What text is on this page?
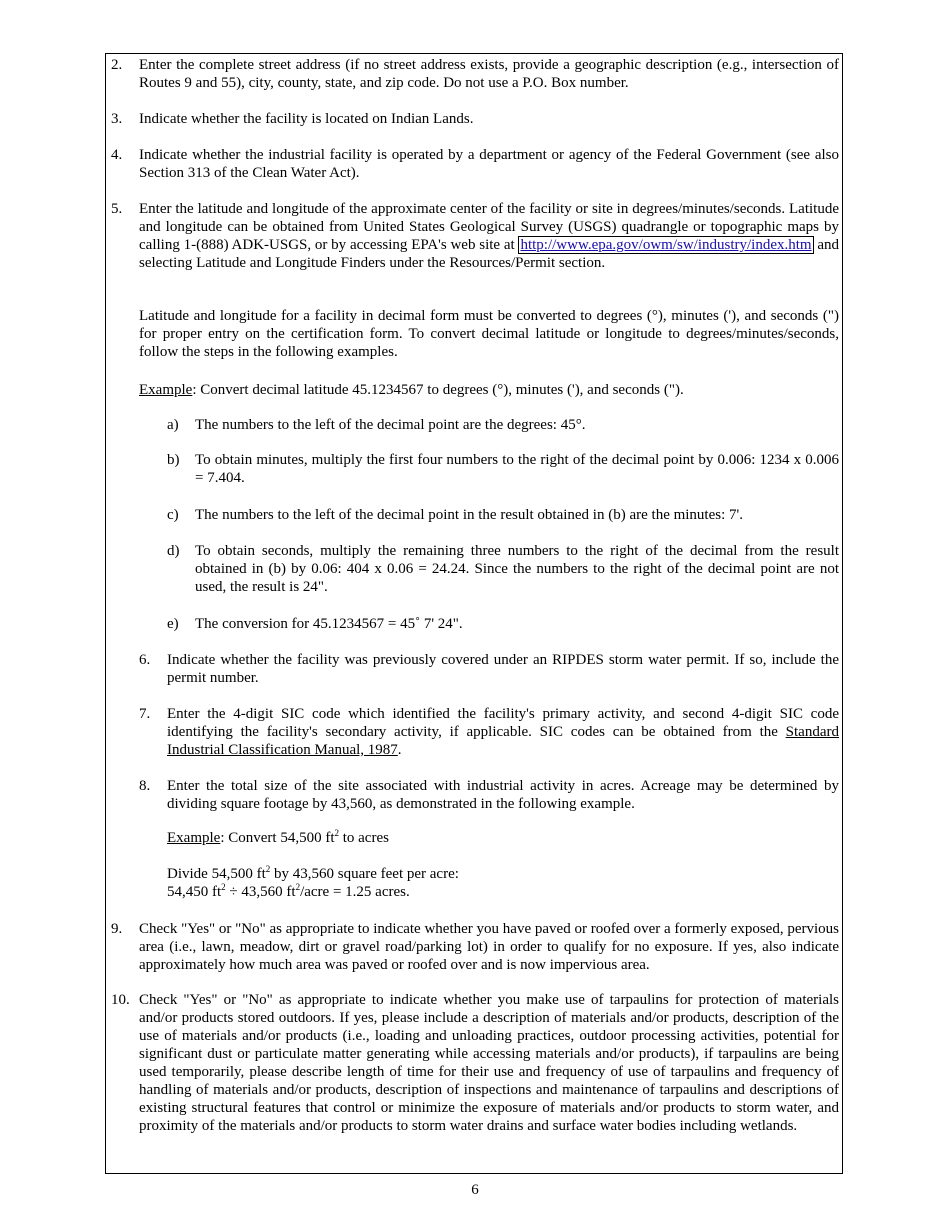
2.	Enter the complete street address (if no street address exists, provide a geographic description (e.g., intersection of Routes 9 and 55), city, county, state, and zip code. Do not use a P.O. Box number.
3.	Indicate whether the facility is located on Indian Lands.
4.	Indicate whether the industrial facility is operated by a department or agency of the Federal Government (see also Section 313 of the Clean Water Act).
5.	Enter the latitude and longitude of the approximate center of the facility or site in degrees/minutes/seconds. Latitude and longitude can be obtained from United States Geological Survey (USGS) quadrangle or topographic maps by calling 1-(888) ADK-USGS, or by accessing EPA's web site at http://www.epa.gov/owm/sw/industry/index.htm and selecting Latitude and Longitude Finders under the Resources/Permit section.
Latitude and longitude for a facility in decimal form must be converted to degrees (°), minutes ('), and seconds (") for proper entry on the certification form. To convert decimal latitude or longitude to degrees/minutes/seconds, follow the steps in the following examples.
Example: Convert decimal latitude 45.1234567 to degrees (°), minutes ('), and seconds (").
a)	The numbers to the left of the decimal point are the degrees: 45°.
b)	To obtain minutes, multiply the first four numbers to the right of the decimal point by 0.006: 1234 x 0.006 = 7.404.
c)	The numbers to the left of the decimal point in the result obtained in (b) are the minutes: 7'.
d)	To obtain seconds, multiply the remaining three numbers to the right of the decimal from the result obtained in (b) by 0.06: 404 x 0.06 = 24.24. Since the numbers to the right of the decimal point are not used, the result is 24".
e)	The conversion for 45.1234567 = 45˚ 7' 24".
6.	Indicate whether the facility was previously covered under an RIPDES storm water permit. If so, include the permit number.
7.	Enter the 4-digit SIC code which identified the facility's primary activity, and second 4-digit SIC code identifying the facility's secondary activity, if applicable. SIC codes can be obtained from the Standard Industrial Classification Manual, 1987.
8.	Enter the total size of the site associated with industrial activity in acres. Acreage may be determined by dividing square footage by 43,560, as demonstrated in the following example.
Example: Convert 54,500 $ft^2$ to acres
Divide 54,500 $ft^2$ by 43,560 square feet per acre:
54,450 $ft^2 \div 43,560$ $ft^2$/acre = 1.25 acres.
9.	Check "Yes" or "No" as appropriate to indicate whether you have paved or roofed over a formerly exposed, pervious area (i.e., lawn, meadow, dirt or gravel road/parking lot) in order to qualify for no exposure. If yes, also indicate approximately how much area was paved or roofed over and is now impervious area.
10. Check "Yes" or "No" as appropriate to indicate whether you make use of tarpaulins for protection of materials and/or products stored outdoors. If yes, please include a description of materials and/or products, description of the use of materials and/or products (i.e., loading and unloading practices, outdoor processing activities, potential for significant dust or particulate matter generating while accessing materials and/or products), if tarpaulins are being used temporarily, please describe length of time for their use and frequency of use of tarpaulins and frequency of handling of materials and/or products, description of inspections and maintenance of tarpaulins and descriptions of existing structural features that control or minimize the exposure of materials and/or products to storm water, and proximity of the materials and/or products to storm water drains and surface water bodies including wetlands.
6
